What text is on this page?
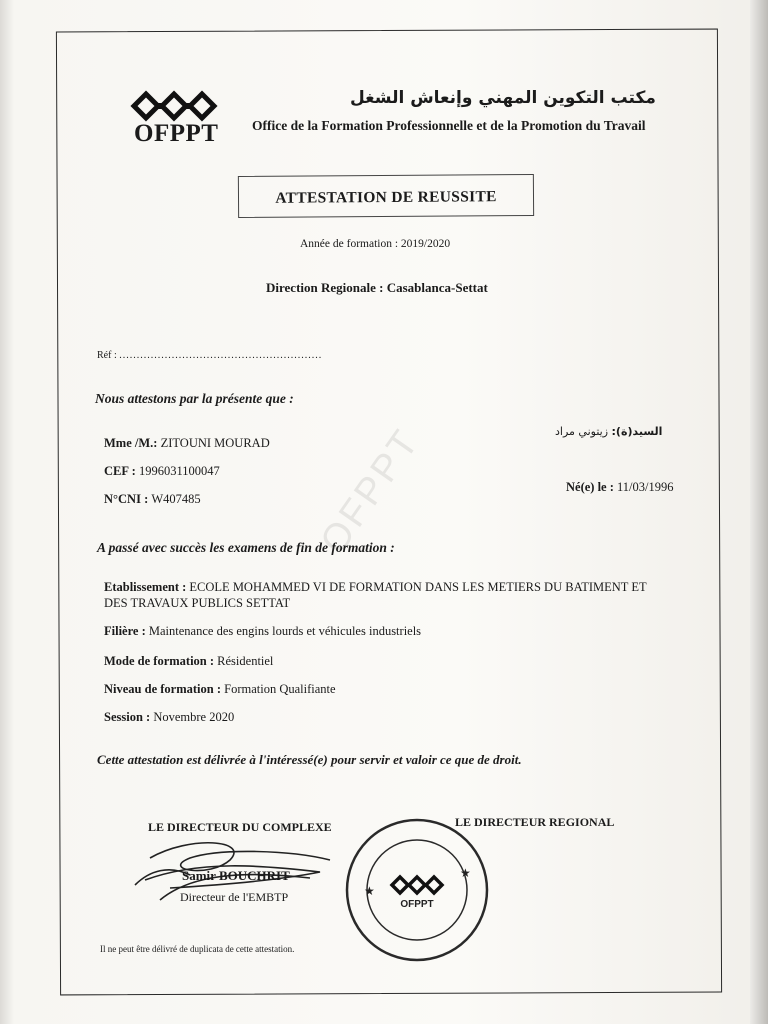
OFPPT
مكتب التكوين المهني وإنعاش الشغل
Office de la Formation Professionnelle et de la Promotion du Travail
ATTESTATION DE REUSSITE
Année de formation : 2019/2020
Direction Regionale : Casablanca-Settat
Réf : ..........................................................
Nous attestons par la présente que :
السيد(ة): زيتوني مراد
Mme /M.: ZITOUNI MOURAD
CEF : 1996031100047
N°CNI : W407485
Né(e) le : 11/03/1996
OFPPT
A passé avec succès les examens de fin de formation :
Etablissement : ECOLE MOHAMMED VI DE FORMATION DANS LES METIERS DU BATIMENT ET
DES TRAVAUX PUBLICS SETTAT
Filière : Maintenance des engins lourds et véhicules industriels
Mode de formation : Résidentiel
Niveau de formation : Formation Qualifiante
Session : Novembre 2020
Cette attestation est délivrée à l'intéressé(e) pour servir et valoir ce que de droit.
LE DIRECTEUR DU COMPLEXE	LE DIRECTEUR REGIONAL
Samir BOUCHRIT
Directeur de l'EMBTP
OFPPT
★
★
Il ne peut être délivré de duplicata de cette attestation.
